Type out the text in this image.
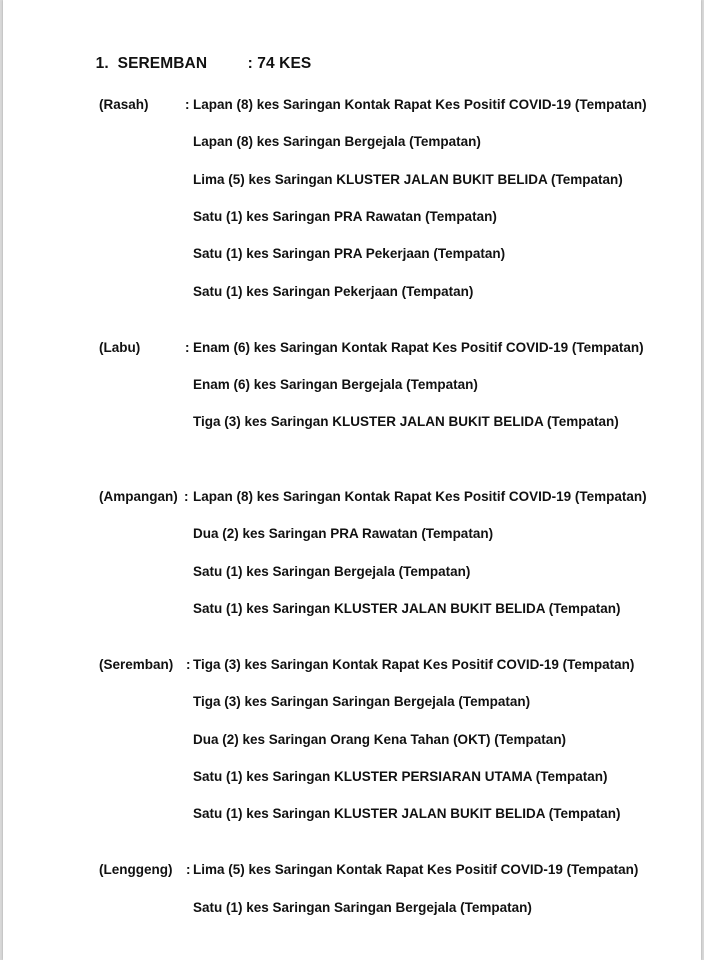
1. SEREMBAN	: 74 KES

(Rasah)	: Lapan (8) kes Saringan Kontak Rapat Kes Positif COVID-19 (Tempatan)
Lapan (8) kes Saringan Bergejala (Tempatan)
Lima (5) kes Saringan KLUSTER JALAN BUKIT BELIDA (Tempatan)
Satu (1) kes Saringan PRA Rawatan (Tempatan)
Satu (1) kes Saringan PRA Pekerjaan (Tempatan)
Satu (1) kes Saringan Pekerjaan (Tempatan)
(Labu)	: Enam (6) kes Saringan Kontak Rapat Kes Positif COVID-19 (Tempatan)
Enam (6) kes Saringan Bergejala (Tempatan)
Tiga (3) kes Saringan KLUSTER JALAN BUKIT BELIDA (Tempatan)
(Ampangan) : Lapan (8) kes Saringan Kontak Rapat Kes Positif COVID-19 (Tempatan)
Dua (2) kes Saringan PRA Rawatan (Tempatan)
Satu (1) kes Saringan Bergejala (Tempatan)
Satu (1) kes Saringan KLUSTER JALAN BUKIT BELIDA (Tempatan)
(Seremban) : Tiga (3) kes Saringan Kontak Rapat Kes Positif COVID-19 (Tempatan)
Tiga (3) kes Saringan Saringan Bergejala (Tempatan)
Dua (2) kes Saringan Orang Kena Tahan (OKT) (Tempatan)
Satu (1) kes Saringan KLUSTER PERSIARAN UTAMA (Tempatan)
Satu (1) kes Saringan KLUSTER JALAN BUKIT BELIDA (Tempatan)
(Lenggeng) : Lima (5) kes Saringan Kontak Rapat Kes Positif COVID-19 (Tempatan)
Satu (1) kes Saringan Saringan Bergejala (Tempatan)
